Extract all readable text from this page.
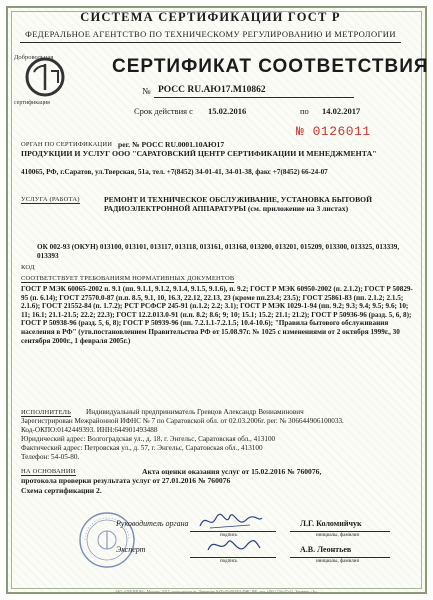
СИСТЕМА СЕРТИФИКАЦИИ ГОСТ Р
ФЕДЕРАЛЬНОЕ АГЕНТСТВО ПО ТЕХНИЧЕСКОМУ РЕГУЛИРОВАНИЮ И МЕТРОЛОГИИ
Добровольная
сертификация
СЕРТИФИКАТ СООТВЕТСТВИЯ
№ РОСС RU.АЮ17.М10862
Срок действия с 15.02.2016	по 14.02.2017
№ 0126011
ОРГАН ПО СЕРТИФИКАЦИИ рег. № РОСС RU.0001.10АЮ17
ПРОДУКЦИИ И УСЛУГ ООО "САРАТОВСКИЙ ЦЕНТР СЕРТИФИКАЦИИ И МЕНЕДЖМЕНТА"
410065, РФ, г.Саратов, ул.Тверская, 51а, тел. +7(8452) 34-01-41, 34-01-38, факс +7(8452) 66-24-07
УСЛУГА (РАБОТА)	РЕМОНТ И ТЕХНИЧЕСКОЕ ОБСЛУЖИВАНИЕ, УСТАНОВКА БЫТОВОЙ РАДИОЭЛЕКТРОННОЙ АППАРАТУРЫ (см. приложение на 3 листах)
КОД
ОК 002-93 (ОКУН) 013100, 013101, 013117, 013118, 013161, 013168, 013200, 013201, 015209, 013300, 013325, 013339, 013393
СООТВЕТСТВУЕТ ТРЕБОВАНИЯМ НОРМАТИВНЫХ ДОКУМЕНТОВ
ГОСТ Р МЭК 60065-2002 п. 9.1 (пп. 9.1.1, 9.1.2, 9.1.4, 9.1.5, 9.1.6), п. 9.2; ГОСТ Р МЭК 60950-2002 (п. 2.1.2); ГОСТ Р 50829-95 (п. 6.14); ГОСТ 27570.0-87 (п.п. 8.5, 9.1, 10, 16.3, 22.12, 22.13, 23 (кроме пп.23.4; 23.5); ГОСТ 25861-83 (пп. 2.1.2; 2.1.5; 2.1.6); ГОСТ 21552-84 (п. 1.7.2); РСТ РСФСР 245-91 (п.1.2; 2.2; 3.1); ГОСТ Р МЭК 1029-1-94 (пп. 9.2; 9.3; 9.4; 9.5; 9.6; 10; 11; 16.1; 21.1-21.5; 22.2; 22.3); ГОСТ 12.2.013.0-91 (п.п. 8.2; 8.6; 9; 10; 15.1; 15.2; 21.1; 21.2); ГОСТ Р 50936-96 (разд. 5, 6, 8); ГОСТ Р 50938-96 (разд. 5, 6, 8); ГОСТ Р 50939-96 (пп. 7.2.1.1-7.2.1.5; 10.4-10.6); "Правила бытового обслуживания населения в РФ" (утв.постановлением Правительства РФ от 15.08.97г. № 1025 с изменениями от 2 октября 1999г., 30 сентября 2000г., 1 февраля 2005г.)
ИСПОЛНИТЕЛЬ Индивидуальный предприниматель Гревцов Александр Вениаминович
Зарегистрирован Межрайонной ИФНС № 7 по Саратовской обл. от 02.03.2006г. рег. № 306644906100033.
Код-ОКПО:0142449393. ИНН:644901493488
Юридический адрес: Волгоградская ул., д. 18, г. Энгельс, Саратовская обл., 413100
Фактический адрес: Петровская ул., д. 57, г. Энгельс, Саратовская обл., 413100
Телефон: 54-05-80.
НА ОСНОВАНИИ	Акта оценки оказания услуг от 15.02.2016 № 760076,
протокола проверки результата услуг от 27.01.2016 № 760076
Схема сертификации 2.
Руководитель органа
подпись
Л.Г. Коломийчук
инициалы, фамилия
Эксперт
подпись
А.В. Леонтьев
инициалы, фамилия
ЗАО «ОПЦИОН», Москва, 2015, www.opcion.ru. Лицензия №05-05-09/003 ФНС РФ, тел. (495) 726-47-42. Уровень «А».
